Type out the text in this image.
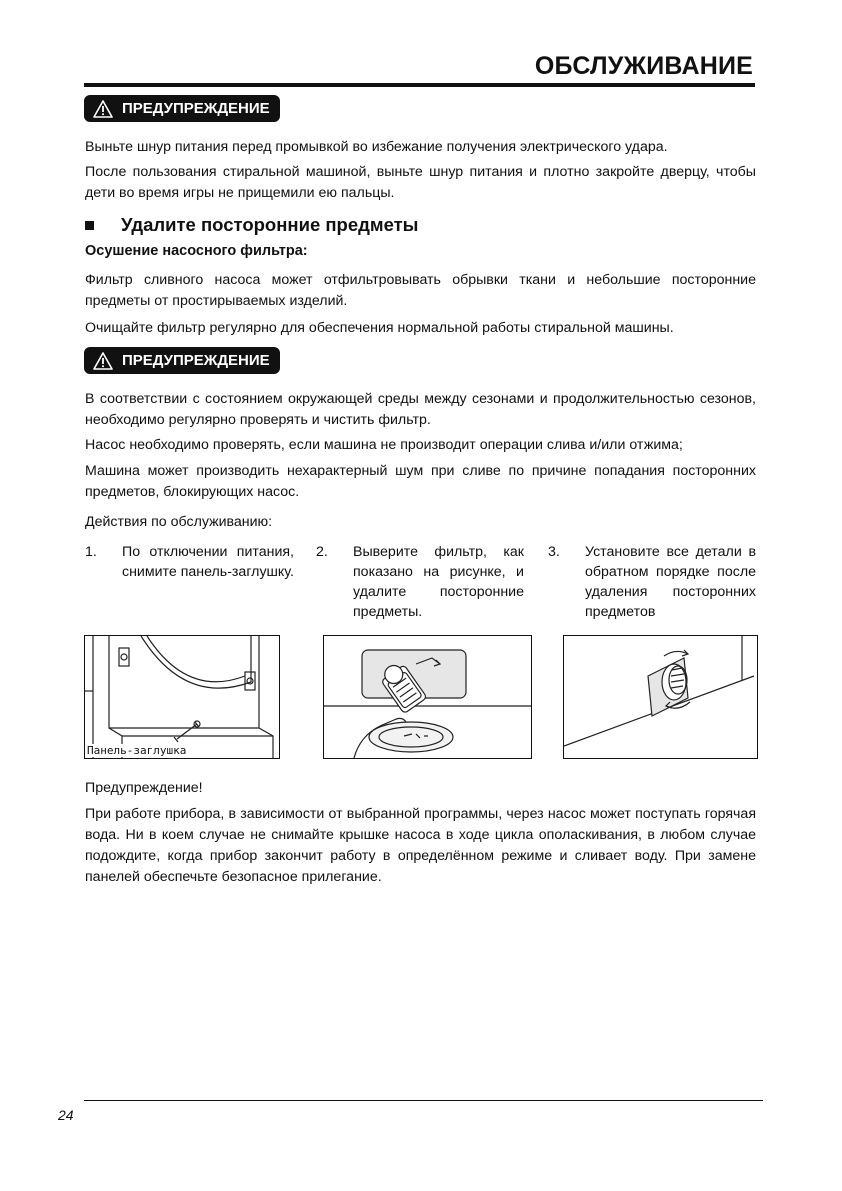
ОБСЛУЖИВАНИЕ
ПРЕДУПРЕЖДЕНИЕ

Выньте шнур питания перед промывкой во избежание получения электрического удара.

После пользования стиральной машиной, выньте шнур питания и плотно закройте дверцу, чтобы дети во время игры не прищемили ею пальцы.

Удалите посторонние предметы
Осушение насосного фильтра:

Фильтр сливного насоса может отфильтровывать обрывки ткани и небольшие посторонние предметы от простирываемых изделий.

Очищайте фильтр регулярно для обеспечения нормальной работы стиральной машины.

ПРЕДУПРЕЖДЕНИЕ

В соответствии с состоянием окружающей среды между сезонами и продолжительностью сезонов, необходимо регулярно проверять и чистить фильтр.

Насос необходимо проверять, если машина не производит операции слива и/или отжима;

Машина может производить нехарактерный шум при сливе по причине попадания посторонних предметов, блокирующих насос.

Действия по обслуживанию:

1. По отключении питания, снимите панель-заглушку.
2. Выверите фильтр, как показано на рисунке, и удалите посторонние предметы.
3. Установите все детали в обратном порядке после удаления посторонних предметов
Панель-заглушка

Предупреждение!

При работе прибора, в зависимости от выбранной программы, через насос может поступать горячая вода. Ни в коем случае не снимайте крышке насоса в ходе цикла ополаскивания, в любом случае подождите, когда прибор закончит работу в определённом режиме и сливает воду. При замене панелей обеспечьте безопасное прилегание.

24
